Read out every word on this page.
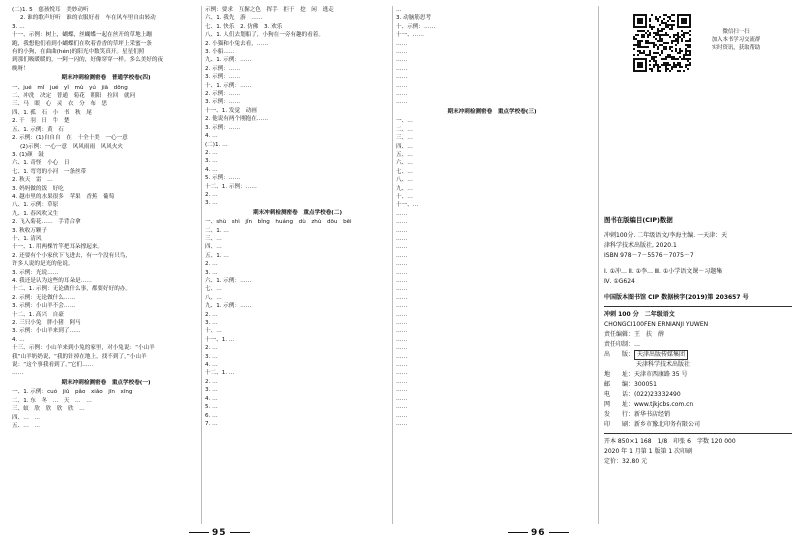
(二)1. 5　慈孩悦耳　美妙动听
2. 谁的歌声好听　谁的衣服好看　车在风车里自由转动
3. …
十一、示例：树上，蝴蝶，丝蝴蝶一起在丝开的草地上蹦
跑，我想他们看到小蝴蝶们在吹着香香的草坪上采蜜一条
有的小狗，在曲曲(hén)的阳光中数笑真开。星星们照
到那们吸暖暖的，一阿一闪的，好像穿穿一样。多么美好的夜
晚呀！
期末冲刺检测密卷　普通学校卷(四)
一、jué　mǐ　jué　yǐ　mù　yú　jiā　dōng
二、冲洗　决定　普通　菊花　朝阳　拉回　就问
三、马　眼　心　灵　衣　分　布　思
四、1. 孤　石　小　书　秋　尾
2. 干　羽　日　牛　楚
五、1. 示例：黄　石
2. 示例：(1)自自自　在　十全十美　一心一意
(2)示例：一心一意　风风雨雨　风风火火
3. (1)颜　鼓
六、1. 奇怪　小心　日
七、1. 弯弯的小河　一条丝带
2. 秋天　雷　…
3. 妈妈做的饭　好吃
4. 越市里的水果很多　苹果　香蕉　葡萄
八、1. 示例：草原
九、1. 春风吹又生
2. 飞入菊花……　手背合拿
3. 秋收万颗子
十、1. 清风
十一、1. 用两棵竹竿把耳朵撑起来。
2. 还要有个小家伙下飞进去，有一个没有只鸟，
许多人说的是光的伦说。
3. 示例：光说……
4. 我还是认为这些的耳朵是……
十二、1. 示例：无论做什么事，都要好好的办。
2. 示例：无论做什么……
3. 示例：小山羊不会……
十二、1. 高兴　自豪
2. 三只小兔　胖小猪　阿马
3. 示例：小山羊来到了……
4. …
十三、示例：小山羊来到小兔的家里，对小兔说：“小山羊
我“山羊奶奶说，“我的针掉在地上，找不到了，”小山羊
说：“这个事我看到了。”它们……
……
期末冲刺检测密卷　重点学校卷(一)
一、1. 示例：cuó　jiǔ　pǎo　xiǎo　jīn　xīng
二、1. 东　冬　…　天　…　…
三、蚁　欣　欣　欣　欣　…
四、…　…
五、…　…
示例：要求　互握之色　挥手　拒于　挖　闲　逃走
六、1. 我先　游　……
七、1. 快乐　2. 仿佛　3. 欢乐
八、1. 人们去划船了，小狗在一旁有趣的看着。
2. 小猫和小兔去看，……
3. 小船……
九、1. 示例：……
2. 示例：……
3. 示例：……
十、1. 示例：……
2. 示例：……
3. 示例：……
十一、1. 发觉　动画
2. 他说有两个刚抱在……
3. 示例：……
4. …
(二)1. …
2. …
3. …
4. …
5. 示例：……
十二、1. 示例：……
2. …
3. …
期末冲刺检测密卷　重点学校卷(二)
一、shù　shì　jǐn　bǐng　huáng　dù　zhù　dōu　bēi
二、1. …
三、…
四、…
五、1. …
2. …
3. …
六、1. 示例：……
七、…
八、…
九、1. 示例：……
2. …
3. …
十、…
十一、1. …
2. …
3. …
4. …
十二、1. …
2. …
3. …
4. …
5. …
6. …
7. …
…
3. 动脑筋思考
十、示例：……
十一、……
……
……
……
……
……
……
……
……
期末冲刺检测密卷　重点学校卷(三)
一、…
二、…
三、…
四、…
五、…
六、…
七、…
八、…
九、…
十、…
十一、…
……
……
……
……
……
……
……
……
……
……
……
……
……
……
……
……
……
……
……
……
……
……
……
……
……
……
微信扫一扫
加入本书学习交流群
实时资讯，获取帮助
图书在版编目(CIP)数据
冲刺100分. 二年级语文/李海主编. 一天津：天
津科学技术出版社, 2020.1
ISBN 978－7－5576－7075－7
Ⅰ. ①冲… Ⅱ. ①李… Ⅲ. ①小学语文课－习题集
Ⅳ. ①G624
中国版本图书馆 CIP 数据核字(2019)第 203657 号
冲刺 100 分　二年级语文
CHONGCI100FEN ERNIANJI YUWEN
责任编辑：王　扶　薛
责任印制：…
出　　版： 天津出版传媒集团
天津科学技术出版社
地　　址：天津市西康路 35 号
邮　　编：300051
电　　话：(022)23332490
网　　址：www.tjkjcbs.com.cn
发　　行：新华书店经销
印　　刷：新乡市豫北印务有限公司
开本 850×1 168　1/8　印张 6　字数 120 000
2020 年 1 月第 1 版第 1 次印刷
定价：32.80 元
95	96
